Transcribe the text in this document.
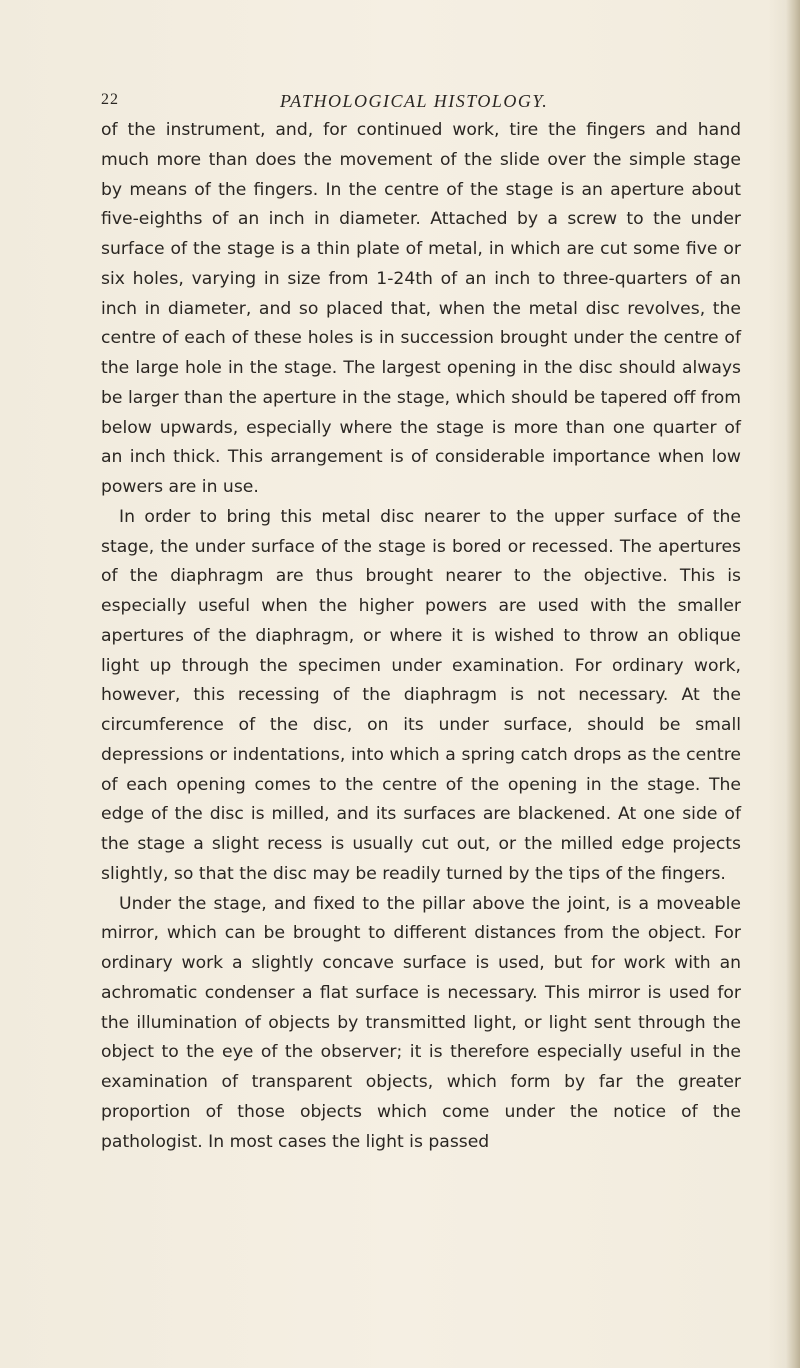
22	PATHOLOGICAL HISTOLOGY.

of the instrument, and, for continued work, tire the fingers and hand much more than does the movement of the slide over the simple stage by means of the fingers. In the centre of the stage is an aperture about five-eighths of an inch in diameter. Attached by a screw to the under surface of the stage is a thin plate of metal, in which are cut some five or six holes, varying in size from 1-24th of an inch to three-quarters of an inch in diameter, and so placed that, when the metal disc revolves, the centre of each of these holes is in succession brought under the centre of the large hole in the stage. The largest opening in the disc should always be larger than the aperture in the stage, which should be tapered off from below upwards, especially where the stage is more than one quarter of an inch thick. This arrangement is of considerable importance when low powers are in use.

In order to bring this metal disc nearer to the upper surface of the stage, the under surface of the stage is bored or recessed. The apertures of the diaphragm are thus brought nearer to the objective. This is especially useful when the higher powers are used with the smaller apertures of the diaphragm, or where it is wished to throw an oblique light up through the specimen under examination. For ordinary work, however, this recessing of the diaphragm is not necessary. At the circumference of the disc, on its under surface, should be small depressions or indentations, into which a spring catch drops as the centre of each opening comes to the centre of the opening in the stage. The edge of the disc is milled, and its surfaces are blackened. At one side of the stage a slight recess is usually cut out, or the milled edge projects slightly, so that the disc may be readily turned by the tips of the fingers.

Under the stage, and fixed to the pillar above the joint, is a moveable mirror, which can be brought to different distances from the object. For ordinary work a slightly concave surface is used, but for work with an achromatic condenser a flat surface is necessary. This mirror is used for the illumination of objects by transmitted light, or light sent through the object to the eye of the observer; it is therefore especially useful in the examination of transparent objects, which form by far the greater proportion of those objects which come under the notice of the pathologist. In most cases the light is passed
